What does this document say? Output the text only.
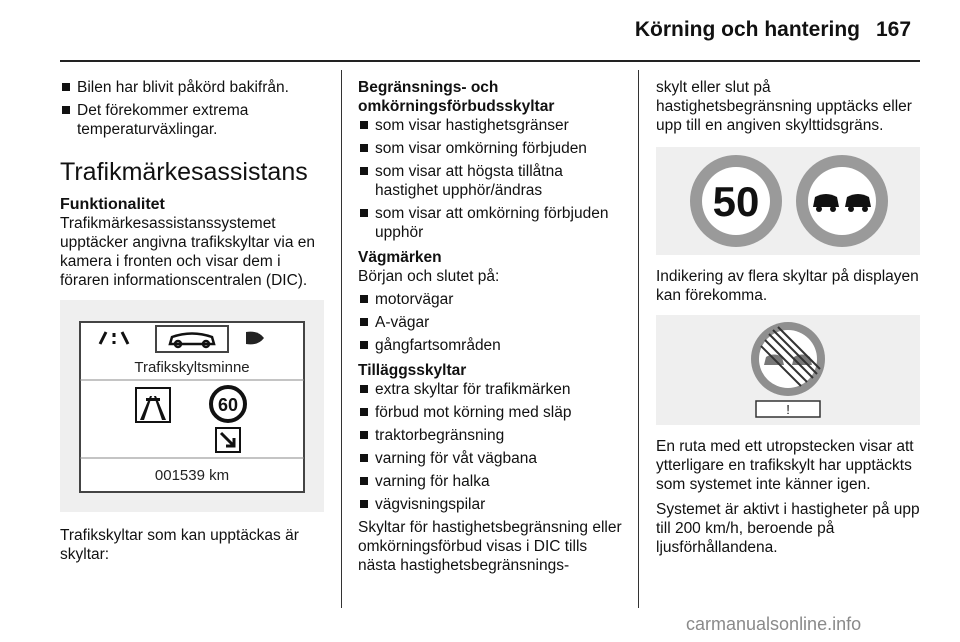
Körning och hantering 167
Bilen har blivit påkörd bakifrån.
Det förekommer extrema temperaturväxlingar.
Trafikmärkesassistans
Funktionalitet

Trafikmärkesassistanssystemet upptäcker angivna trafikskyltar via en kamera i fronten och visar dem i föraren informationscentralen (DIC).

Trafikskyltsminne
60
001539 km

Trafikskyltar som kan upptäckas är skyltar:

Begränsnings- och omkörningsförbudsskyltar
som visar hastighetsgränser
som visar omkörning förbjuden
som visar att högsta tillåtna hastighet upphör/ändras
som visar att omkörning förbjuden upphör
Vägmärken

Början och slutet på:

motorvägar
A-vägar
gångfartsområden
Tilläggsskyltar
extra skyltar för trafikmärken
förbud mot körning med släp
traktorbegränsning
varning för våt vägbana
varning för halka
vägvisningspilar

Skyltar för hastighetsbegränsning eller omkörningsförbud visas i DIC tills nästa hastighetsbegränsnings-

skylt eller slut på hastighetsbegränsning upptäcks eller upp till en angiven skylttidsgräns.

50

Indikering av flera skyltar på displayen kan förekomma.

!

En ruta med ett utropstecken visar att ytterligare en trafikskylt har upptäckts som systemet inte känner igen.

Systemet är aktivt i hastigheter på upp till 200 km/h, beroende på ljusförhållandena.

carmanualsonline.info
